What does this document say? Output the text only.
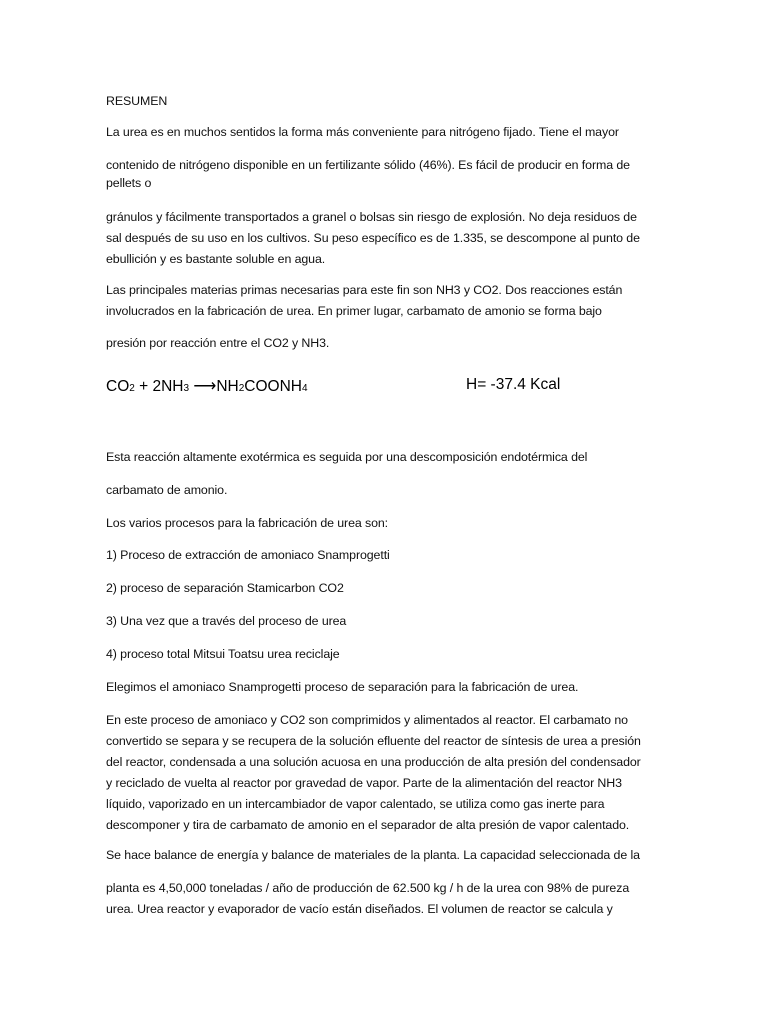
RESUMEN
La urea es en muchos sentidos la forma más conveniente para nitrógeno fijado. Tiene el mayor
contenido de nitrógeno disponible en un fertilizante sólido (46%). Es fácil de producir en forma de
pellets o
gránulos y fácilmente transportados a granel o bolsas sin riesgo de explosión. No deja residuos de
sal después de su uso en los cultivos. Su peso específico es de 1.335, se descompone al punto de
ebullición y es bastante soluble en agua.
Las principales materias primas necesarias para este fin son NH3 y CO2. Dos reacciones están
involucrados en la fabricación de urea. En primer lugar, carbamato de amonio se forma bajo
presión por reacción entre el CO2 y NH3.
CO2 + 2NH3 ⟶NH2COONH4	H= -37.4 Kcal
Esta reacción altamente exotérmica es seguida por una descomposición endotérmica del
carbamato de amonio.
Los varios procesos para la fabricación de urea son:
1) Proceso de extracción de amoniaco Snamprogetti
2) proceso de separación Stamicarbon CO2
3) Una vez que a través del proceso de urea
4) proceso total Mitsui Toatsu urea reciclaje
Elegimos el amoniaco Snamprogetti proceso de separación para la fabricación de urea.
En este proceso de amoniaco y CO2 son comprimidos y alimentados al reactor. El carbamato no
convertido se separa y se recupera de la solución efluente del reactor de síntesis de urea a presión
del reactor, condensada a una solución acuosa en una producción de alta presión del condensador
y reciclado de vuelta al reactor por gravedad de vapor. Parte de la alimentación del reactor NH3
líquido, vaporizado en un intercambiador de vapor calentado, se utiliza como gas inerte para
descomponer y tira de carbamato de amonio en el separador de alta presión de vapor calentado.
Se hace balance de energía y balance de materiales de la planta. La capacidad seleccionada de la
planta es 4,50,000 toneladas / año de producción de 62.500 kg / h de la urea con 98% de pureza
urea. Urea reactor y evaporador de vacío están diseñados. El volumen de reactor se calcula y
